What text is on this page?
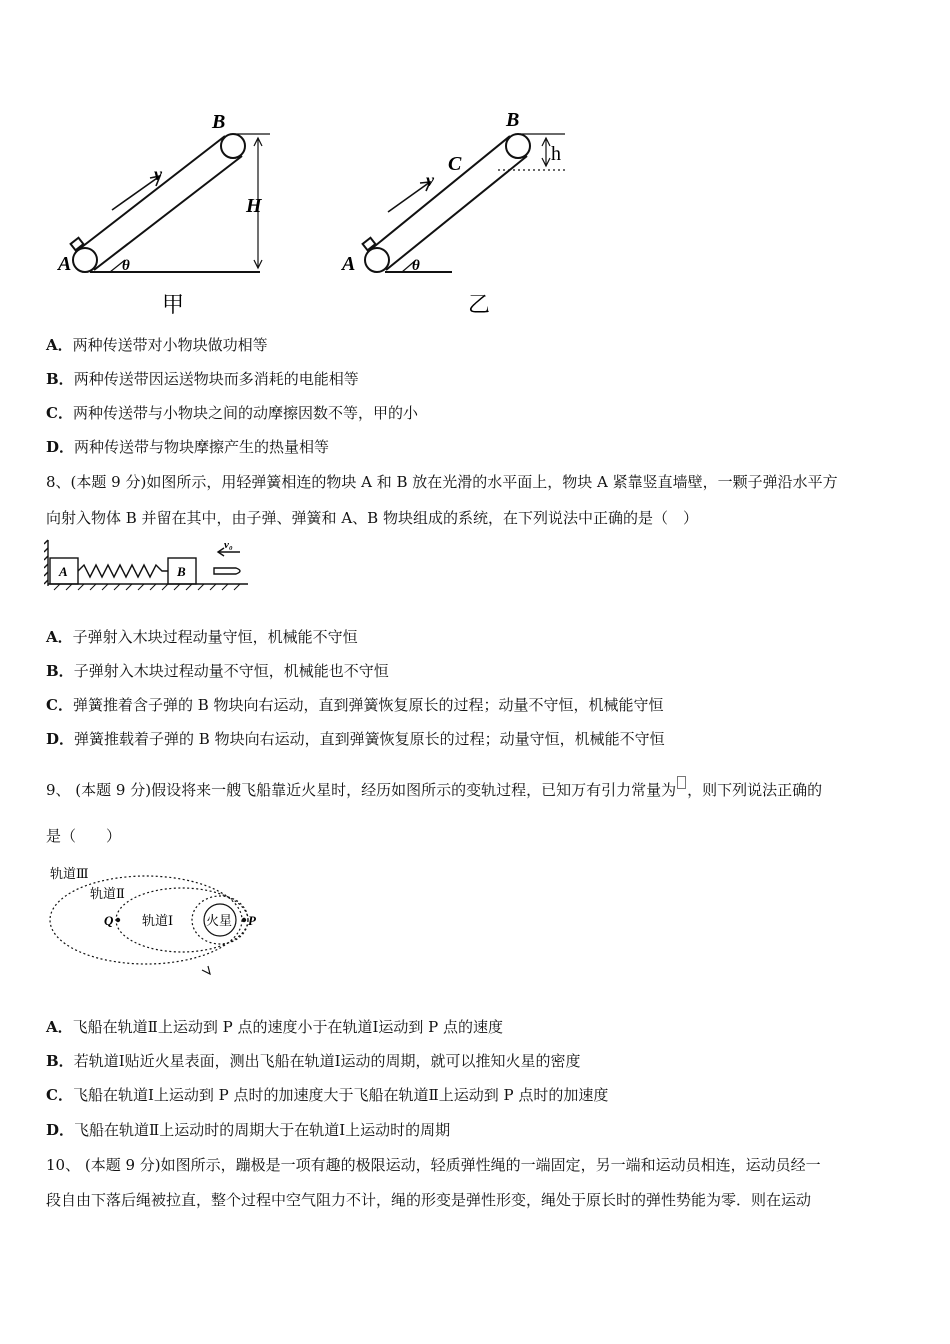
A
B
v
H
θ
甲
A
B
C
v
h
θ
乙
A．两种传送带对小物块做功相等
B．两种传送带因运送物块而多消耗的电能相等
C．两种传送带与小物块之间的动摩擦因数不等，甲的小
D．两种传送带与物块摩擦产生的热量相等
8、(本题 9 分)如图所示，用轻弹簧相连的物块 A 和 B 放在光滑的水平面上，物块 A 紧靠竖直墙壁，一颗子弹沿水平方
向射入物体 B 并留在其中，由子弹、弹簧和 A、B 物块组成的系统，在下列说法中正确的是（　）
A	B
v₀
A．子弹射入木块过程动量守恒，机械能不守恒
B．子弹射入木块过程动量不守恒，机械能也不守恒
C．弹簧推着含子弹的 B 物块向右运动，直到弹簧恢复原长的过程；动量不守恒，机械能守恒
D．弹簧推载着子弹的 B 物块向右运动，直到弹簧恢复原长的过程；动量守恒，机械能不守恒
9、 (本题 9 分)假设将来一艘飞船靠近火星时，经历如图所示的变轨过程，已知万有引力常量为 ，则下列说法正确的
是（　　）
轨道Ⅲ
轨道Ⅱ
轨道Ⅰ	火星
Q	P
A．飞船在轨道Ⅱ上运动到 P 点的速度小于在轨道Ⅰ运动到 P 点的速度
B．若轨道Ⅰ贴近火星表面，测出飞船在轨道Ⅰ运动的周期，就可以推知火星的密度
C．飞船在轨道Ⅰ上运动到 P 点时的加速度大于飞船在轨道Ⅱ上运动到 P 点时的加速度
D．飞船在轨道Ⅱ上运动时的周期大于在轨道Ⅰ上运动时的周期
10、 (本题 9 分)如图所示，蹦极是一项有趣的极限运动，轻质弹性绳的一端固定，另一端和运动员相连，运动员经一
段自由下落后绳被拉直，整个过程中空气阻力不计，绳的形变是弹性形变，绳处于原长时的弹性势能为零．则在运动
